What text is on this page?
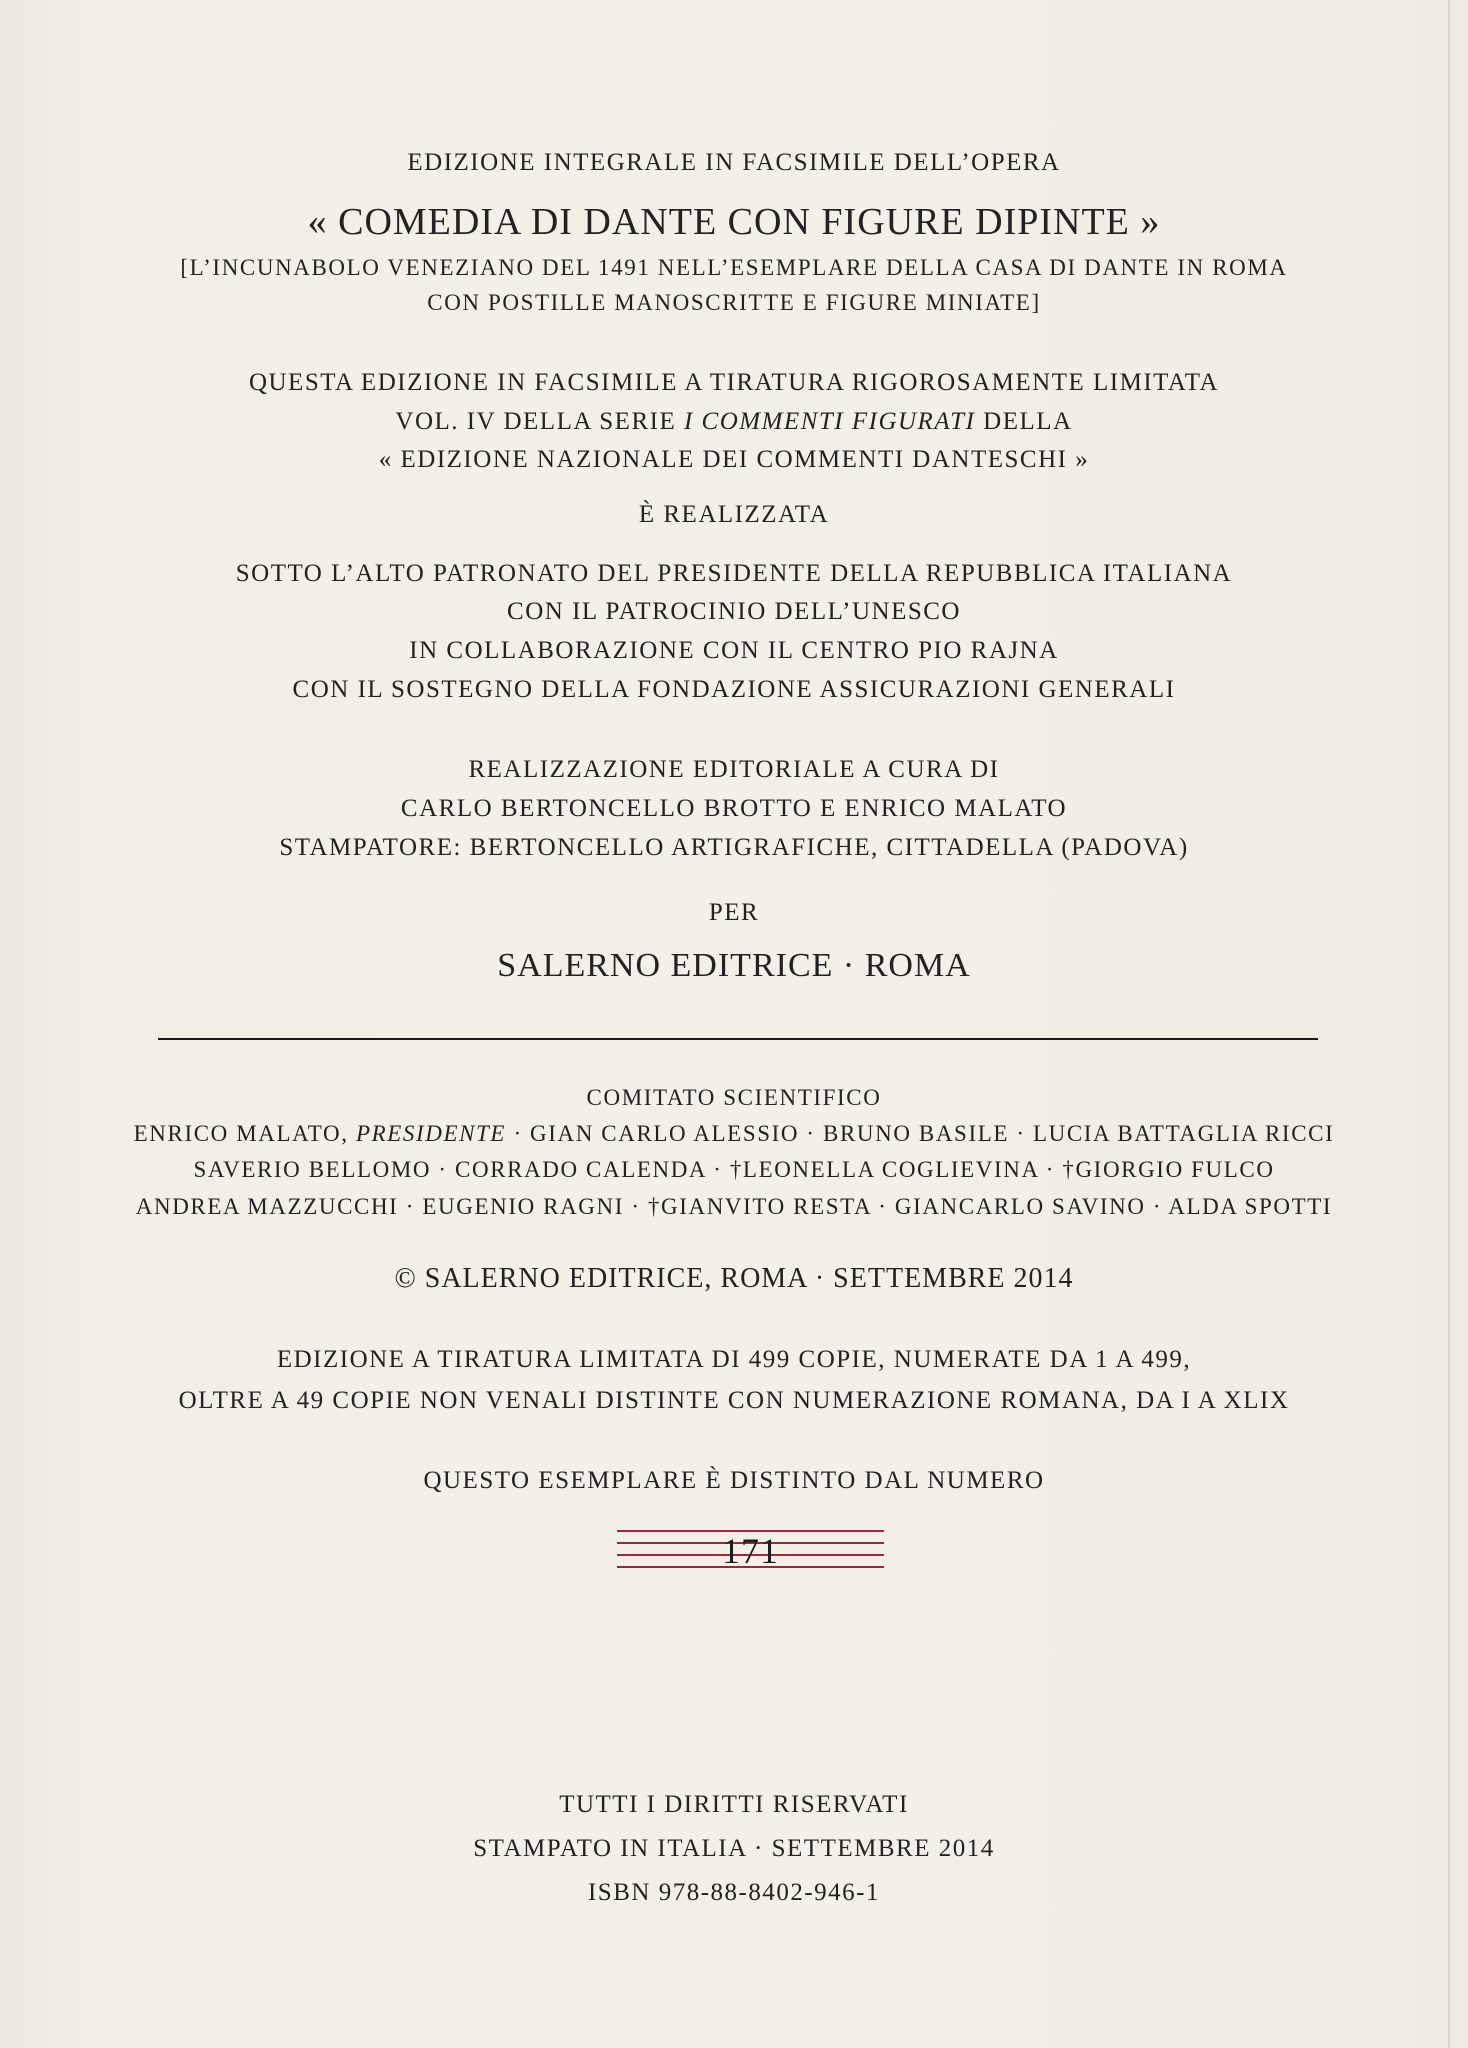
EDIZIONE INTEGRALE IN FACSIMILE DELL’OPERA
« COMEDIA DI DANTE CON FIGURE DIPINTE »
[L’INCUNABOLO VENEZIANO DEL 1491 NELL’ESEMPLARE DELLA CASA DI DANTE IN ROMA
CON POSTILLE MANOSCRITTE E FIGURE MINIATE]
QUESTA EDIZIONE IN FACSIMILE A TIRATURA RIGOROSAMENTE LIMITATA
VOL. IV DELLA SERIE I COMMENTI FIGURATI DELLA
« EDIZIONE NAZIONALE DEI COMMENTI DANTESCHI »
È REALIZZATA
SOTTO L’ALTO PATRONATO DEL PRESIDENTE DELLA REPUBBLICA ITALIANA
CON IL PATROCINIO DELL’UNESCO
IN COLLABORAZIONE CON IL CENTRO PIO RAJNA
CON IL SOSTEGNO DELLA FONDAZIONE ASSICURAZIONI GENERALI
REALIZZAZIONE EDITORIALE A CURA DI
CARLO BERTONCELLO BROTTO E ENRICO MALATO
STAMPATORE: BERTONCELLO ARTIGRAFICHE, CITTADELLA (PADOVA)
PER
SALERNO EDITRICE · ROMA
COMITATO SCIENTIFICO
ENRICO MALATO, PRESIDENTE · GIAN CARLO ALESSIO · BRUNO BASILE · LUCIA BATTAGLIA RICCI
SAVERIO BELLOMO · CORRADO CALENDA · †LEONELLA COGLIEVINA · †GIORGIO FULCO
ANDREA MAZZUCCHI · EUGENIO RAGNI · †GIANVITO RESTA · GIANCARLO SAVINO · ALDA SPOTTI
© SALERNO EDITRICE, ROMA · SETTEMBRE 2014
EDIZIONE A TIRATURA LIMITATA DI 499 COPIE, NUMERATE DA 1 A 499,
OLTRE A 49 COPIE NON VENALI DISTINTE CON NUMERAZIONE ROMANA, DA I A XLIX
QUESTO ESEMPLARE È DISTINTO DAL NUMERO
171
TUTTI I DIRITTI RISERVATI
STAMPATO IN ITALIA · SETTEMBRE 2014
ISBN 978-88-8402-946-1
